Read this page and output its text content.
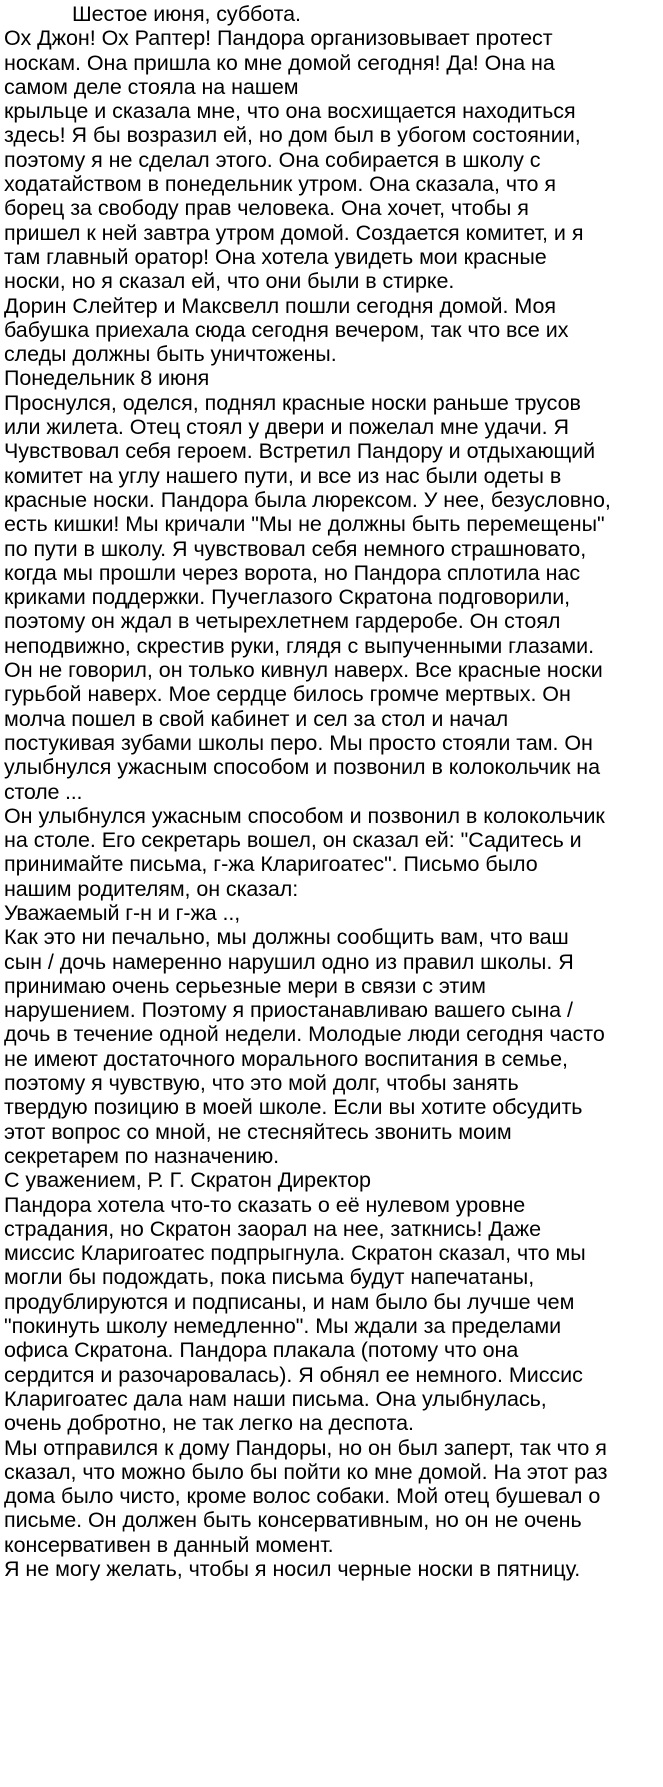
Шестое июня, суббота.
Ох Джон! Ох Раптер! Пандора организовывает протест
носкам. Она пришла ко мне домой сегодня! Да! Она на
самом деле стояла на нашем
крыльце и сказала мне, что она восхищается находиться
здесь! Я бы возразил ей, но дом был в убогом состоянии,
поэтому я не сделал этого. Она собирается в школу с
ходатайством в понедельник утром. Она сказала, что я
борец за свободу прав человека. Она хочет, чтобы я
пришел к ней завтра утром домой. Создается комитет, и я
там главный оратор! Она хотела увидеть мои красные
носки, но я сказал ей, что они были в стирке.
Дорин Слейтер и Максвелл пошли сегодня домой. Моя
бабушка приехала сюда сегодня вечером, так что все их
следы должны быть уничтожены.
Понедельник 8 июня
Проснулся, оделся, поднял красные носки раньше трусов
или жилета. Отец стоял у двери и пожелал мне удачи. Я
Чувствовал себя героем. Встретил Пандору и отдыхающий
комитет на углу нашего пути, и все из нас были одеты в
красные носки. Пандора была люрексом. У нее, безусловно,
есть кишки! Мы кричали "Мы не должны быть перемещены"
по пути в школу. Я чувствовал себя немного страшновато,
когда мы прошли через ворота, но Пандора сплотила нас
криками поддержки. Пучеглазого Скратона подговорили,
поэтому он ждал в четырехлетнем гардеробе. Он стоял
неподвижно, скрестив руки, глядя с выпученными глазами.
Он не говорил, он только кивнул наверх. Все красные носки
гурьбой наверх. Мое сердце билось громче мертвых. Он
молча пошел в свой кабинет и сел за стол и начал
постукивая зубами школы перо. Мы просто стояли там. Он
улыбнулся ужасным способом и позвонил в колокольчик на
столе ...
Он улыбнулся ужасным способом и позвонил в колокольчик
на столе. Его секретарь вошел, он сказал ей: "Садитесь и
принимайте письма, г-жа Кларигоатес". Письмо было
нашим родителям, он сказал:
Уважаемый г-н и г-жа ..,
Как это ни печально, мы должны сообщить вам, что ваш
сын / дочь намеренно нарушил одно из правил школы. Я
принимаю очень серьезные мери в связи с этим
нарушением. Поэтому я приостанавливаю вашего сына /
дочь в течение одной недели. Молодые люди сегодня часто
не имеют достаточного морального воспитания в семье,
поэтому я чувствую, что это мой долг, чтобы занять
твердую позицию в моей школе. Если вы хотите обсудить
этот вопрос со мной, не стесняйтесь звонить моим
секретарем по назначению.
С уважением, Р. Г. Скратон Директор
Пандора хотела что-то сказать о её нулевом уровне
страдания, но Скратон заорал на нее, заткнись! Даже
миссис Кларигоатес подпрыгнула. Скратон сказал, что мы
могли бы подождать, пока письма будут напечатаны,
продублируются и подписаны, и нам было бы лучше чем
"покинуть школу немедленно". Мы ждали за пределами
офиса Скратона. Пандора плакала (потому что она
сердится и разочаровалась). Я обнял ее немного. Миссис
Кларигоатес дала нам наши письма. Она улыбнулась,
очень добротно, не так легко на деспота.
Мы отправился к дому Пандоры, но он был заперт, так что я
сказал, что можно было бы пойти ко мне домой. На этот раз
дома было чисто, кроме волос собаки. Мой отец бушевал о
письме. Он должен быть консервативным, но он не очень
консервативен в данный момент.
Я не могу желать, чтобы я носил черные носки в пятницу.
